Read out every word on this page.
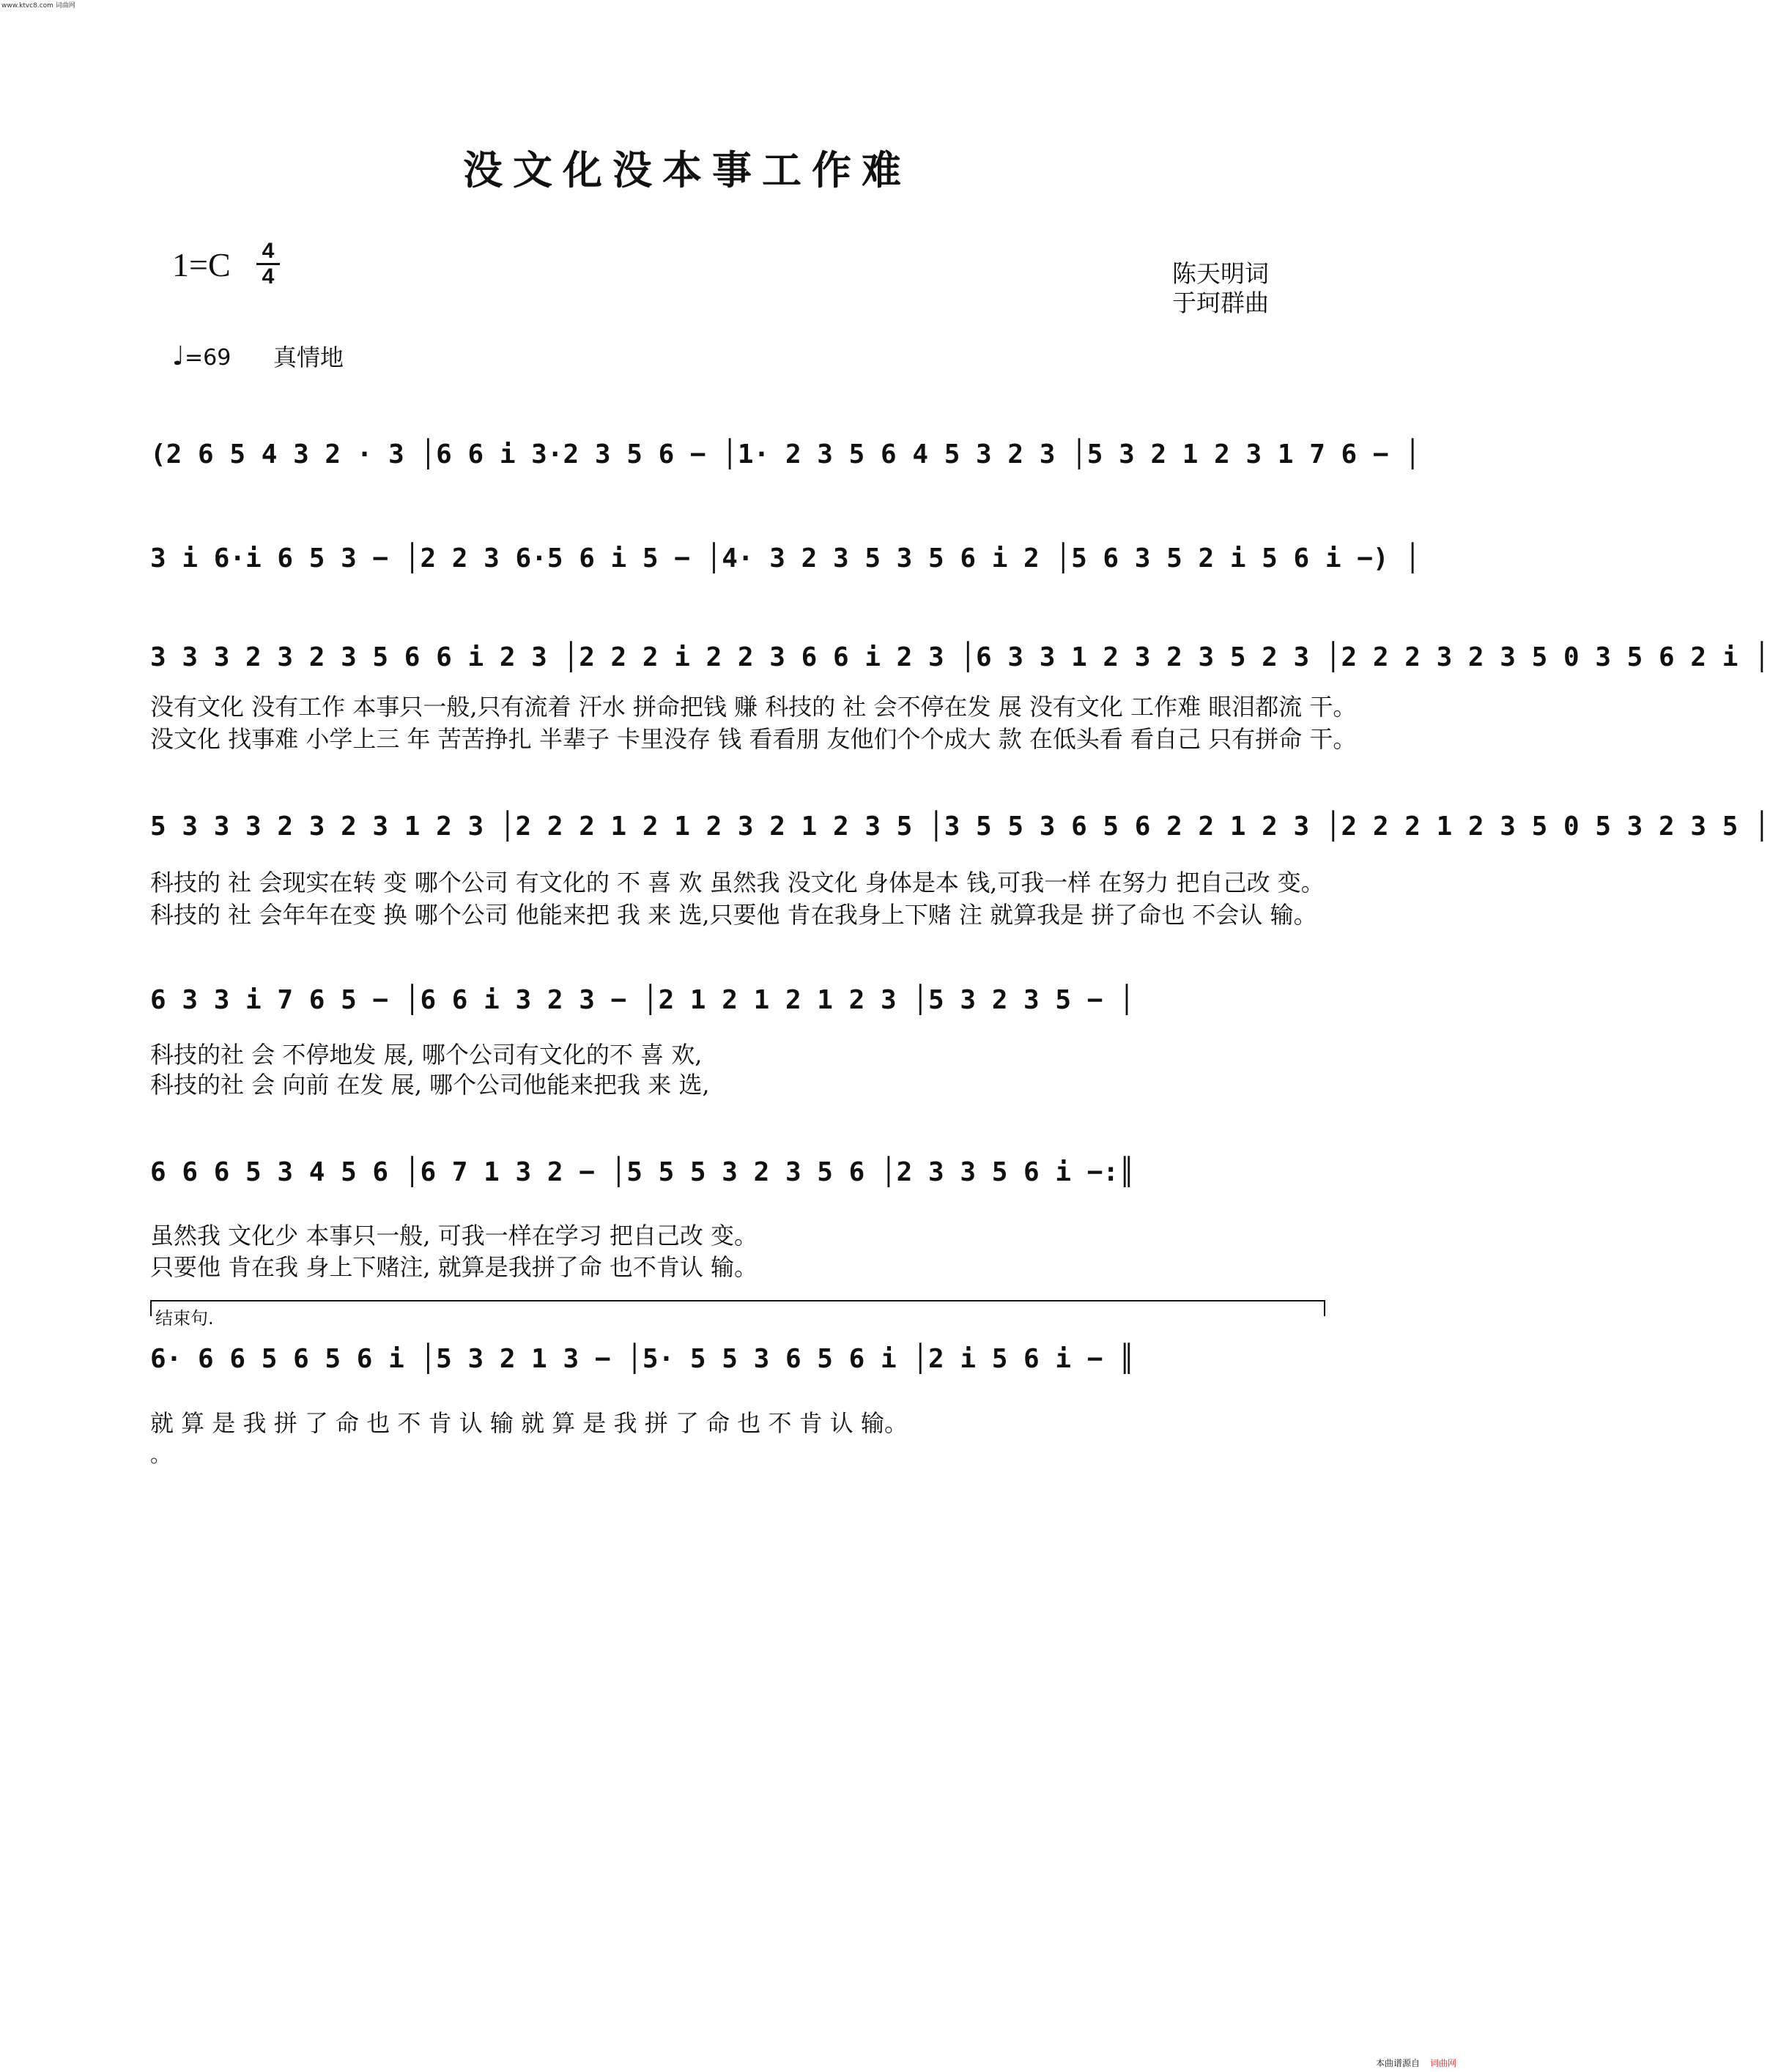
www.ktvc8.com 词曲网
没文化没本事工作难
1=C 4
4	陈天明词
于珂群曲
♩=69 真情地
(2 6 5 4 3 2 · 3 │6 6 i 3·2 3 5 6 − │1· 2 3 5 6 4 5 3 2 3 │5 3 2 1 2 3 1 7 6 − │
3 i 6·i 6 5 3 − │2 2 3 6·5 6 i 5 − │4· 3 2 3 5 3 5 6 i 2 │5 6 3 5 2 i 5 6 i −) │
3 3 3 2 3 2 3 5 6 6 i 2 3 │2 2 2 i 2 2 3 6 6 i 2 3 │6 3 3 1 2 3 2 3 5 2 3 │2 2 2 3 2 3 5 0 3 5 6 2 i │
没有文化 没有工作 本事只一般,只有流着 汗水 拼命把钱 赚 科技的 社 会不停在发 展 没有文化 工作难 眼泪都流 干。
没文化 找事难 小学上三 年 苦苦挣扎 半辈子 卡里没存 钱 看看朋 友他们个个成大 款 在低头看 看自己 只有拼命 干。
5 3 3 3 2 3 2 3 1 2 3 │2 2 2 1 2 1 2 3 2 1 2 3 5 │3 5 5 3 6 5 6 2 2 1 2 3 │2 2 2 1 2 3 5 0 5 3 2 3 5 │
科技的 社 会现实在转 变 哪个公司 有文化的 不 喜 欢 虽然我 没文化 身体是本 钱,可我一样 在努力 把自己改 变。
科技的 社 会年年在变 换 哪个公司 他能来把 我 来 选,只要他 肯在我身上下赌 注 就算我是 拼了命也 不会认 输。
6 3 3 i 7 6 5 − │6 6 i 3 2 3 − │2 1 2 1 2 1 2 3 │5 3 2 3 5 − │
科技的社 会 不停地发 展, 哪个公司有文化的不 喜 欢,
科技的社 会 向前 在发 展, 哪个公司他能来把我 来 选,
6 6 6 5 3 4 5 6 │6 7 1 3 2 − │5 5 5 3 2 3 5 6 │2 3 3 5 6 i −:║
虽然我 文化少 本事只一般, 可我一样在学习 把自己改 变。
只要他 肯在我 身上下赌注, 就算是我拼了命 也不肯认 输。
结束句.
6· 6 6 5 6 5 6 i │5 3 2 1 3 − │5· 5 5 3 6 5 6 i │2 i 5 6 i − ║
就 算 是 我 拼 了 命 也 不 肯 认 输 就 算 是 我 拼 了 命 也 不 肯 认 输。
。
本曲谱源自 词曲网
